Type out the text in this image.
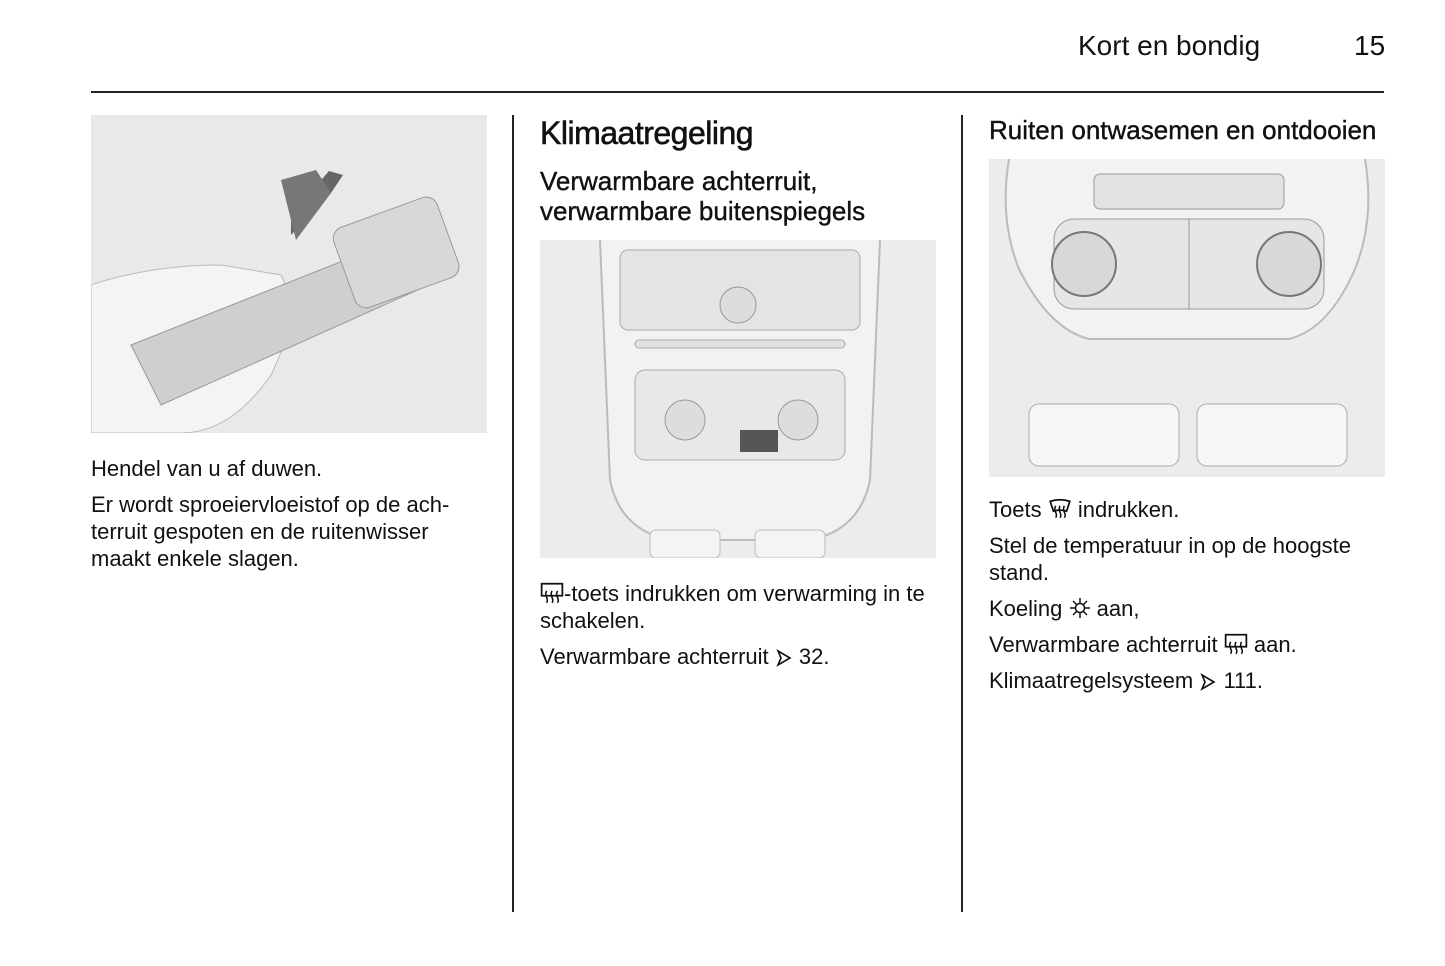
Kort en bondig	15

Hendel van u af duwen.

Er wordt sproeiervloeistof op de ach-
terruit gespoten en de ruitenwisser
maakt enkele slagen.

Klimaatregeling
Verwarmbare achterruit, verwarmbare buitenspiegels

-toets indrukken om verwarming in te schakelen.

Verwarmbare achterruit 32.

Ruiten ontwasemen en ontdooien

Toets indrukken.

Stel de temperatuur in op de hoogste stand.

Koeling aan,

Verwarmbare achterruit aan.

Klimaatregelsysteem 111.
